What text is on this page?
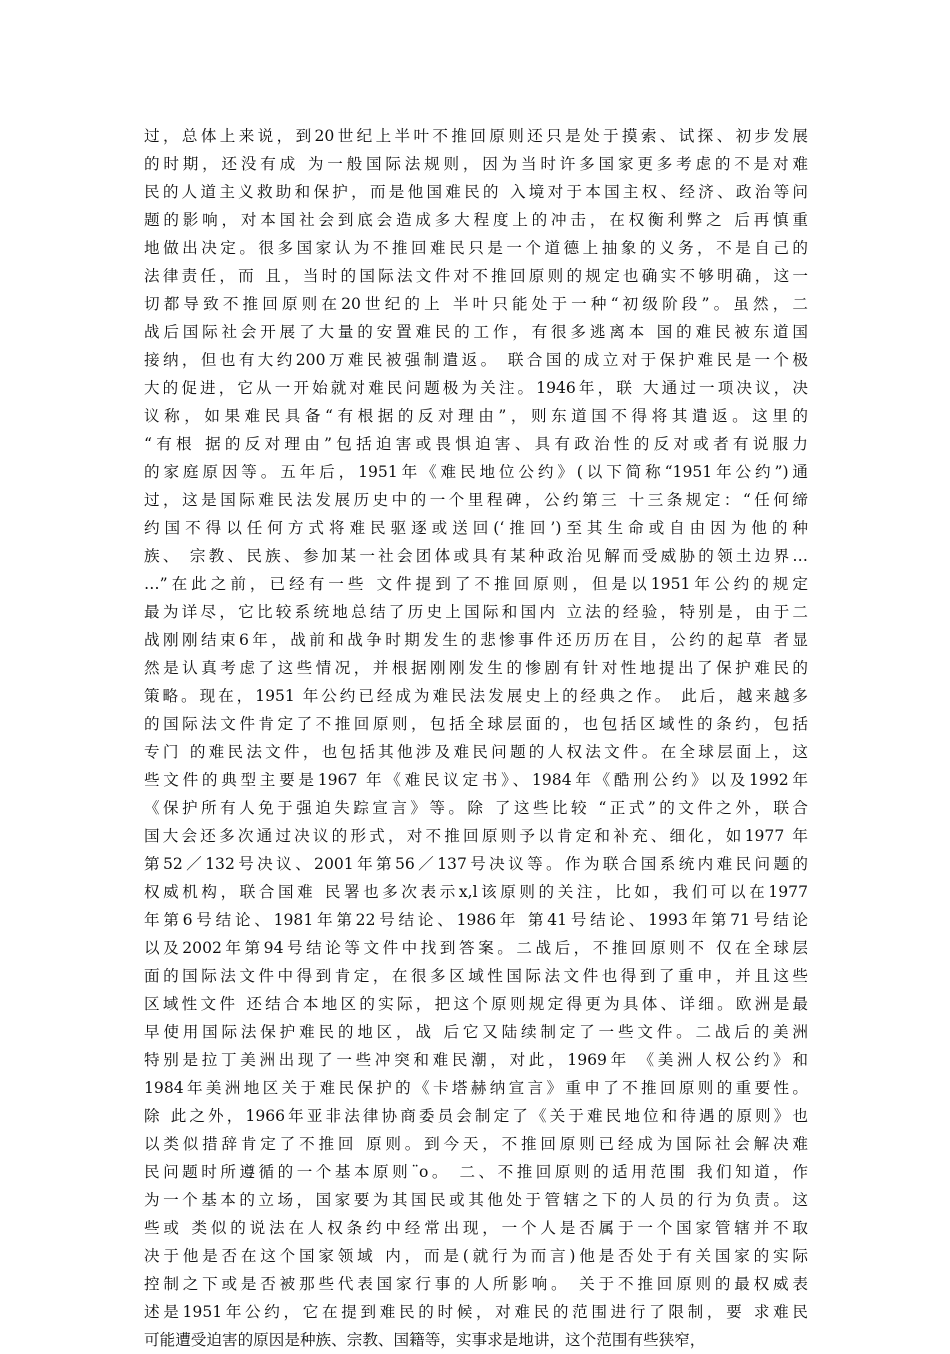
过，总体上来说，到20世纪上半叶不推回原则还只是处于摸索、试探、初步发展
的时期，还没有成 为一般国际法规则，因为当时许多国家更多考虑的不是对难
民的人道主义救助和保护，而是他国难民的 入境对于本国主权、经济、政治等问
题的影响，对本国社会到底会造成多大程度上的冲击，在权衡利弊之 后再慎重
地做出决定。很多国家认为不推回难民只是一个道德上抽象的义务，不是自己的
法律责任，而 且，当时的国际法文件对不推回原则的规定也确实不够明确，这一
切都导致不推回原则在20世纪的上 半叶只能处于一种“初级阶段”。虽然，二
战后国际社会开展了大量的安置难民的工作，有很多逃离本 国的难民被东道国
接纳，但也有大约200万难民被强制遣返。 联合国的成立对于保护难民是一个极
大的促进，它从一开始就对难民问题极为关注。1946年，联 大通过一项决议，决
议称，如果难民具备“有根据的反对理由”，则东道国不得将其遣返。这里的
“有根 据的反对理由”包括迫害或畏惧迫害、具有政治性的反对或者有说服力
的家庭原因等。五年后，1951年《难民地位公约》(以下简称“1951年公约”)通
过，这是国际难民法发展历史中的一个里程碑，公约第三 十三条规定：“任何缔
约国不得以任何方式将难民驱逐或送回(‘推回’)至其生命或自由因为他的种
族、 宗教、民族、参加某一社会团体或具有某种政治见解而受威胁的领土边界…
…”在此之前，已经有一些 文件提到了不推回原则，但是以1951年公约的规定
最为详尽，它比较系统地总结了历史上国际和国内 立法的经验，特别是，由于二
战刚刚结束6年，战前和战争时期发生的悲惨事件还历历在目，公约的起草 者显
然是认真考虑了这些情况，并根据刚刚发生的惨剧有针对性地提出了保护难民的
策略。现在，1951 年公约已经成为难民法发展史上的经典之作。 此后，越来越多
的国际法文件肯定了不推回原则，包括全球层面的，也包括区域性的条约，包括
专门 的难民法文件，也包括其他涉及难民问题的人权法文件。在全球层面上，这
些文件的典型主要是1967 年《难民议定书》、1984年《酷刑公约》以及1992年
《保护所有人免于强迫失踪宣言》等。除 了这些比较 “正式”的文件之外，联合
国大会还多次通过决议的形式，对不推回原则予以肯定和补充、细化，如1977 年
第52／132号决议、2001年第56／137号决议等。作为联合国系统内难民问题的
权威机构，联合国难 民署也多次表示x,l该原则的关注，比如，我们可以在1977
年第6号结论、1981年第22号结论、1986年 第41号结论、1993年第71号结论
以及2002年第94号结论等文件中找到答案。二战后，不推回原则不 仅在全球层
面的国际法文件中得到肯定，在很多区域性国际法文件也得到了重申，并且这些
区域性文件 还结合本地区的实际，把这个原则规定得更为具体、详细。欧洲是最
早使用国际法保护难民的地区，战 后它又陆续制定了一些文件。二战后的美洲
特别是拉丁美洲出现了一些冲突和难民潮，对此，1969年 《美洲人权公约》和
1984年美洲地区关于难民保护的《卡塔赫纳宣言》重申了不推回原则的重要性。
除 此之外，1966年亚非法律协商委员会制定了《关于难民地位和待遇的原则》也
以类似措辞肯定了不推回 原则。到今天，不推回原则已经成为国际社会解决难
民问题时所遵循的一个基本原则¨o。 二、不推回原则的适用范围 我们知道，作
为一个基本的立场，国家要为其国民或其他处于管辖之下的人员的行为负责。这
些或 类似的说法在人权条约中经常出现，一个人是否属于一个国家管辖并不取
决于他是否在这个国家领域 内，而是(就行为而言)他是否处于有关国家的实际
控制之下或是否被那些代表国家行事的人所影响。 关于不推回原则的最权威表
述是1951年公约，它在提到难民的时候，对难民的范围进行了限制，要 求难民
可能遭受迫害的原因是种族、宗教、国籍等，实事求是地讲，这个范围有些狭窄，
